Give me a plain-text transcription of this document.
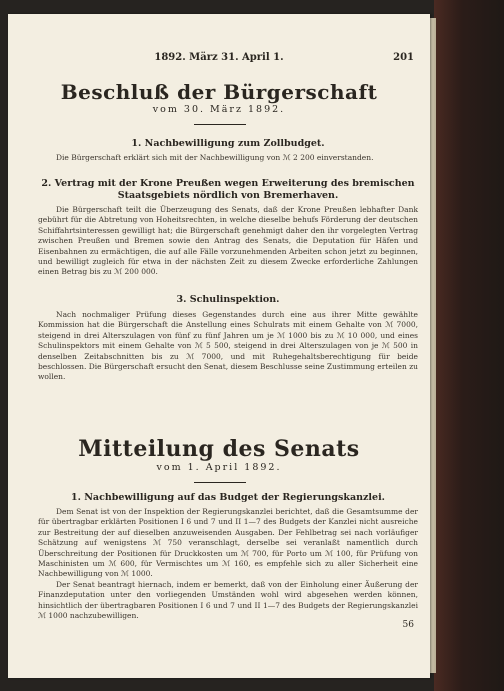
1892. März 31. April 1.	201
Beschluß der Bürgerschaft
vom 30. März 1892.
1. Nachbewilligung zum Zollbudget.
Die Bürgerschaft erklärt sich mit der Nachbewilligung von ℳ 2 200 einverstanden.
2. Vertrag mit der Krone Preußen wegen Erweiterung des bremischen Staatsgebiets nördlich von Bremerhaven.
Die Bürgerschaft teilt die Überzeugung des Senats, daß der Krone Preußen lebhafter Dank gebührt für die Abtretung von Hoheitsrechten, in welche dieselbe behufs Förderung der deutschen Schiffahrtsinteressen gewilligt hat; die Bürgerschaft genehmigt daher den ihr vorgelegten Vertrag zwischen Preußen und Bremen sowie den Antrag des Senats, die Deputation für Häfen und Eisenbahnen zu ermächtigen, die auf alle Fälle vorzunehmenden Arbeiten schon jetzt zu beginnen, und bewilligt zugleich für etwa in der nächsten Zeit zu diesem Zwecke erforderliche Zahlungen einen Betrag bis zu ℳ 200 000.
3. Schulinspektion.
Nach nochmaliger Prüfung dieses Gegenstandes durch eine aus ihrer Mitte gewählte Kommission hat die Bürgerschaft die Anstellung eines Schulrats mit einem Gehalte von ℳ 7000, steigend in drei Alterszulagen von fünf zu fünf Jahren um je ℳ 1000 bis zu ℳ 10 000, und eines Schulinspektors mit einem Gehalte von ℳ 5 500, steigend in drei Alterszulagen von je ℳ 500 in denselben Zeitabschnitten bis zu ℳ 7000, und mit Ruhegehaltsberechtigung für beide beschlossen. Die Bürgerschaft ersucht den Senat, diesem Beschlusse seine Zustimmung erteilen zu wollen.
Mitteilung des Senats
vom 1. April 1892.
1. Nachbewilligung auf das Budget der Regierungskanzlei.
Dem Senat ist von der Inspektion der Regierungskanzlei berichtet, daß die Gesamtsumme der für übertragbar erklärten Positionen I 6 und 7 und II 1—7 des Budgets der Kanzlei nicht ausreiche zur Bestreitung der auf dieselben anzuweisenden Ausgaben. Der Fehlbetrag sei nach vorläufiger Schätzung auf wenigstens ℳ 750 veranschlagt, derselbe sei veranlaßt namentlich durch Überschreitung der Positionen für Druckkosten um ℳ 700, für Porto um ℳ 100, für Prüfung von Maschinisten um ℳ 600, für Vermischtes um ℳ 160, es empfehle sich zu aller Sicherheit eine Nachbewilligung von ℳ 1000.
Der Senat beantragt hiernach, indem er bemerkt, daß von der Einholung einer Äußerung der Finanzdeputation unter den vorliegenden Umständen wohl wird abgesehen werden können, hinsichtlich der übertragbaren Positionen I 6 und 7 und II 1—7 des Budgets der Regierungskanzlei ℳ 1000 nachzubewilligen.
56
